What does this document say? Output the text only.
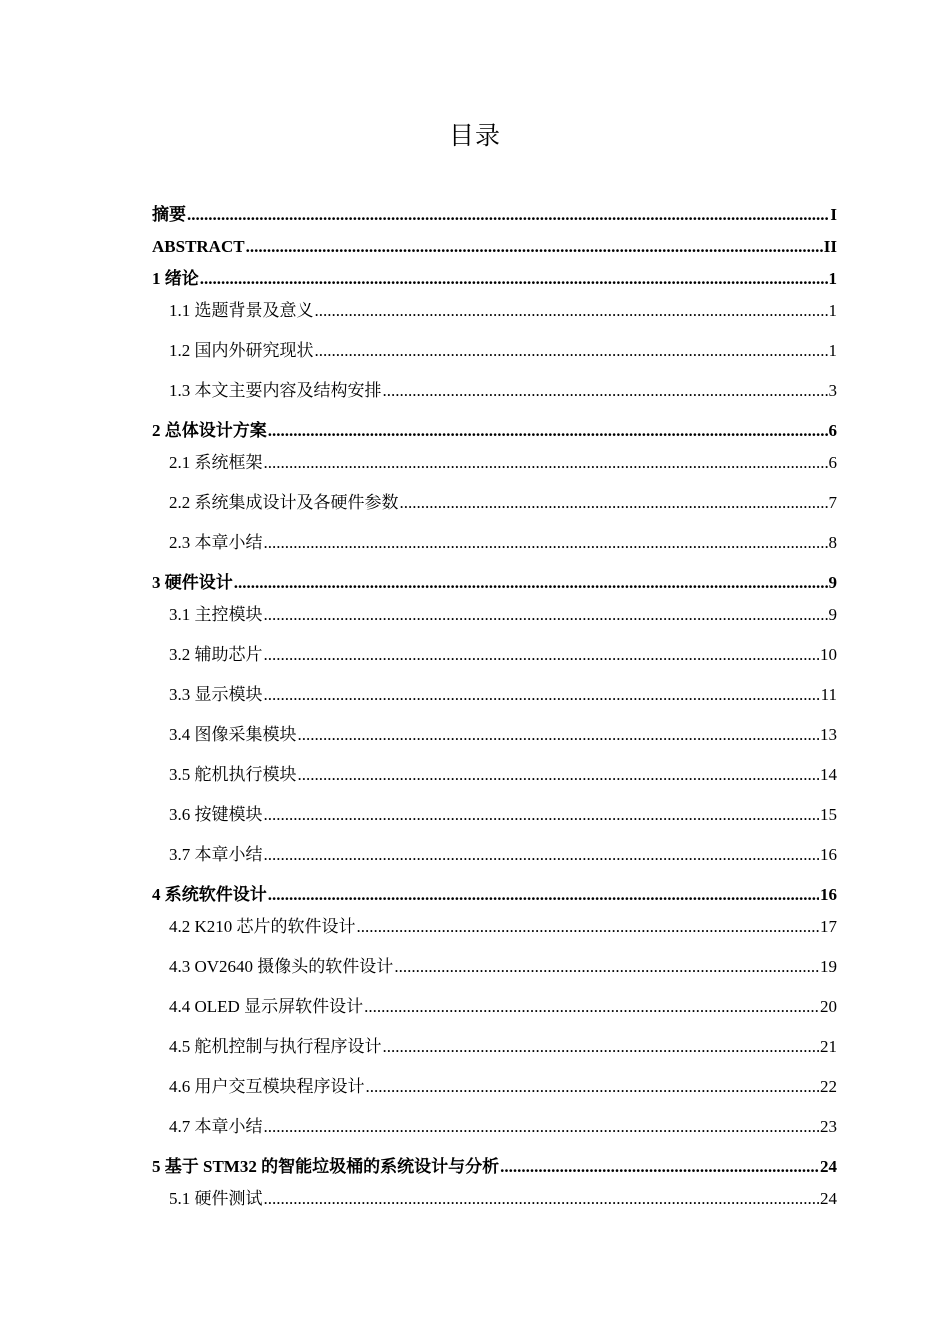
目录
摘要 .....	I
ABSTRACT .....	II
1 绪论 .....	1
1.1 选题背景及意义 .....	1
1.2 国内外研究现状 .....	1
1.3 本文主要内容及结构安排 .....	3
2 总体设计方案 .....	6
2.1 系统框架 .....	6
2.2 系统集成设计及各硬件参数 .....	7
2.3 本章小结 .....	8
3 硬件设计 .....	9
3.1 主控模块 .....	9
3.2 辅助芯片 .....	10
3.3 显示模块 .....	11
3.4 图像采集模块 .....	13
3.5 舵机执行模块 .....	14
3.6 按键模块 .....	15
3.7 本章小结 .....	16
4 系统软件设计 .....	16
4.2 K210 芯片的软件设计 .....	17
4.3 OV2640 摄像头的软件设计 .....	19
4.4 OLED 显示屏软件设计 .....	20
4.5 舵机控制与执行程序设计 .....	21
4.6 用户交互模块程序设计 .....	22
4.7 本章小结 .....	23
5 基于 STM32 的智能垃圾桶的系统设计与分析 .....	24
5.1 硬件测试 .....	24
